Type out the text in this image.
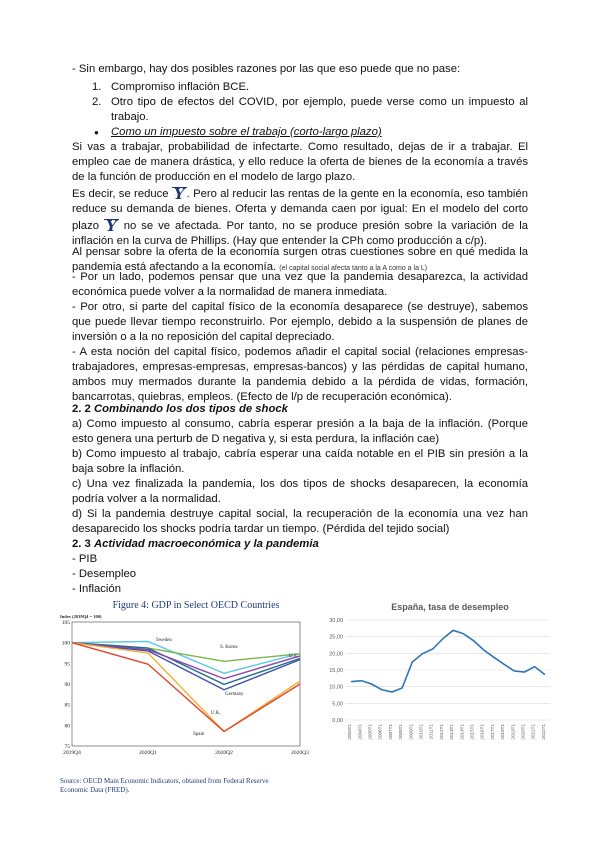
- Sin embargo, hay dos posibles razones por las que eso puede que no pase:

1. Compromiso inflación BCE.
2. Otro tipo de efectos del COVID, por ejemplo, puede verse como un impuesto al trabajo.
●	Como un impuesto sobre el trabajo (corto-largo plazo)

Si vas a trabajar, probabilidad de infectarte. Como resultado, dejas de ir a trabajar. El empleo cae de manera drástica, y ello reduce la oferta de bienes de la economía a través de la función de producción en el modelo de largo plazo.

Es decir, se reduce Y . Pero al reducir las rentas de la gente en la economía, eso también reduce su demanda de bienes. Oferta y demanda caen por igual: En el modelo del corto plazo Y no se ve afectada. Por tanto, no se produce presión sobre la variación de la inflación en la curva de Phillips. (Hay que entender la CPh como producción a c/p).

Al pensar sobre la oferta de la economía surgen otras cuestiones sobre en qué medida la pandemia está afectando a la economía. (el capital social afecta tanto a la A como a la L)

- Por un lado, podemos pensar que una vez que la pandemia desaparezca, la actividad económica puede volver a la normalidad de manera inmediata.

- Por otro, si parte del capital físico de la economía desaparece (se destruye), sabemos que puede llevar tiempo reconstruirlo. Por ejemplo, debido a la suspensión de planes de inversión o a la no reposición del capital depreciado.

- A esta noción del capital físico, podemos añadir el capital social (relaciones empresas-trabajadores, empresas-empresas, empresas-bancos) y las pérdidas de capital humano, ambos muy mermados durante la pandemia debido a la pérdida de vidas, formación, bancarrotas, quiebras, empleos. (Efecto de l/p de recuperación económica).

2. 2 Combinando los dos tipos de shock

a) Como impuesto al consumo, cabría esperar presión a la baja de la inflación. (Porque esto genera una perturb de D negativa y, si esta perdura, la inflación cae)

b) Como impuesto al trabajo, cabría esperar una caída notable en el PIB sin presión a la baja sobre la inflación.

c) Una vez finalizada la pandemia, los dos tipos de shocks desaparecen, la economía podría volver a la normalidad.

d) Si la pandemia destruye capital social, la recuperación de la economía una vez han desaparecido los shocks podría tardar un tiempo. (Pérdida del tejido social)

2. 3 Actividad macroeconómica y la pandemia

- PIB

- Desempleo

- Inflación

Figure 4: GDP in Select OECD Countries
Index (2019Q4 = 100)
75
80
85
90
95
100
105
2019Q4	2020Q1	2020Q2	2020Q3
Sweden
S. Korea
U.S.
Germany
U.K.
Spain

Source: OECD Main Economic Indicators, obtained from Federal Reserve Economic Data (FRED).

España, tasa de desempleo
0,00
5,00
10,00
15,00
20,00
25,00
30,00
2003T1 2004T1 2005T1 2006T1 2007T1 2008T1 2009T1 2010T1 2011T1 2012T1 2013T1 2014T1 2015T1 2016T1 2017T1 2018T1 2019T1 2020T1 2021T1 2022T1
